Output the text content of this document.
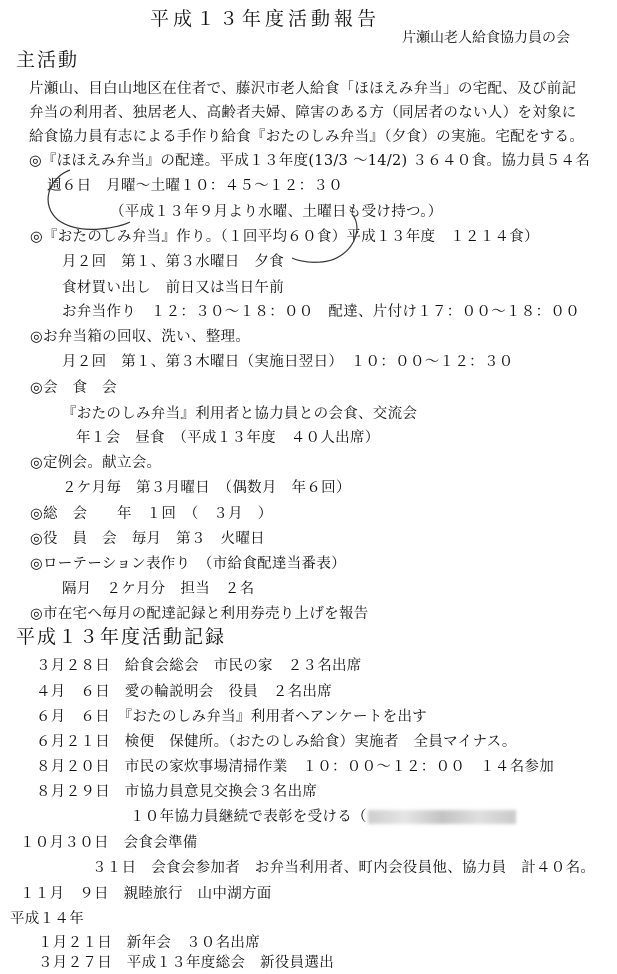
平成１３年度活動報告
片瀬山老人給食協力員の会
主活動
片瀬山、目白山地区在住者で、藤沢市老人給食「ほほえみ弁当」の宅配、及び前記
弁当の利用者、独居老人、高齢者夫婦、障害のある方（同居者のない人）を対象に
給食協力員有志による手作り給食『おたのしみ弁当』（夕食）の実施。宅配をする。
◎『ほほえみ弁当』の配達。平成１３年度(13/3 ～14/2) ３６４０食。協力員５４名
週６日　月曜～土曜１０：４５～１２：３０
（平成１３年９月より水曜、土曜日も受け持つ。）
◎『おたのしみ弁当』作り。（１回平均６０食）平成１３年度　１２１４食）
月２回　第１、第３水曜日　夕食
食材買い出し　前日又は当日午前
お弁当作り　１２：３０～１８：００　配達、片付け１７：００～１８：００
◎お弁当箱の回収、洗い、整理。
月２回　第１、第３木曜日（実施日翌日）　１０：００～１２：３０
◎会　食　会
『おたのしみ弁当』利用者と協力員との会食、交流会
年１会　昼食　（平成１３年度　４０人出席）
◎定例会。献立会。
２ケ月毎　第３月曜日　（偶数月　年６回）
◎総　会　　年　１回　（　３月　）
◎役　員　会　毎月　第３　火曜日
◎ローテーション表作り　（市給食配達当番表）
隔月　２ケ月分　担当　２名
◎市在宅へ毎月の配達記録と利用券売り上げを報告
平成１３年度活動記録
３月２８日　給食会総会　市民の家　２３名出席
４月　６日　愛の輪説明会　役員　２名出席
６月　６日　『おたのしみ弁当』利用者へアンケートを出す
６月２１日　検便　保健所。（おたのしみ給食）実施者　全員マイナス。
８月２０日　市民の家炊事場清掃作業　１０：００～１２：００　１４名参加
８月２９日　市協力員意見交換会３名出席
１０年協力員継続で表彰を受ける（
１０月３０日　会食会準備
３１日　会食会参加者　お弁当利用者、町内会役員他、協力員　計４０名。
１１月　９日　親睦旅行　山中湖方面
平成１４年
１月２１日　新年会　３０名出席
３月２７日　平成１３年度総会　新役員選出
